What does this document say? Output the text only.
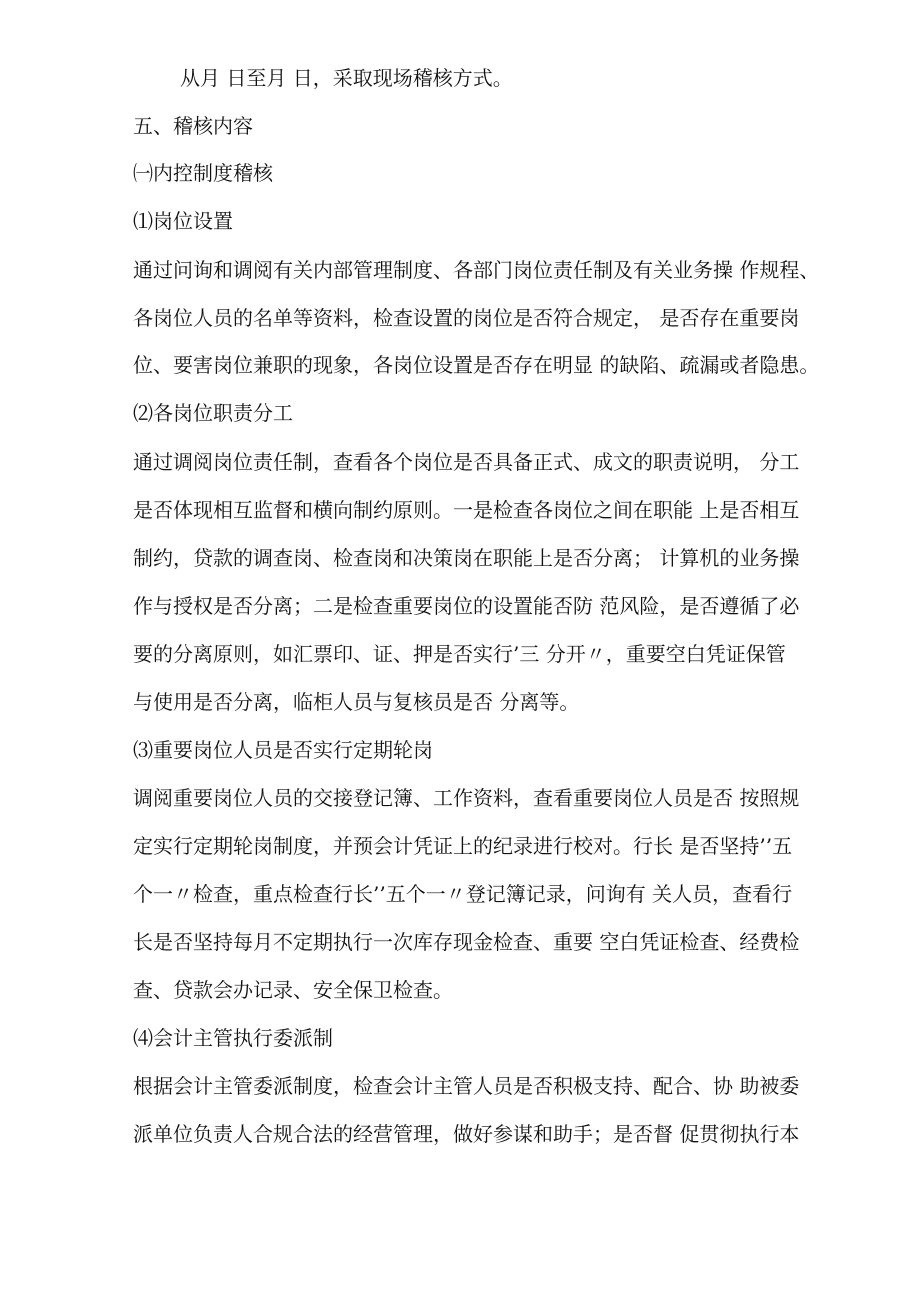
从月 日至月 日，采取现场稽核方式。

五、稽核内容

㈠内控制度稽核

⑴岗位设置

通过问询和调阅有关内部管理制度、各部门岗位责任制及有关业务操 作规程、

各岗位人员的名单等资料，检查设置的岗位是否符合规定， 是否存在重要岗

位、要害岗位兼职的现象，各岗位设置是否存在明显 的缺陷、疏漏或者隐患。

⑵各岗位职责分工

通过调阅岗位责任制，查看各个岗位是否具备正式、成文的职责说明， 分工

是否体现相互监督和横向制约原则。一是检查各岗位之间在职能 上是否相互

制约，贷款的调查岗、检查岗和决策岗在职能上是否分离； 计算机的业务操

作与授权是否分离；二是检查重要岗位的设置能否防 范风险，是否遵循了必

要的分离原则，如汇票印、证、押是否实行’三 分开〃，重要空白凭证保管

与使用是否分离，临柜人员与复核员是否 分离等。

⑶重要岗位人员是否实行定期轮岗

调阅重要岗位人员的交接登记簿、工作资料，查看重要岗位人员是否 按照规

定实行定期轮岗制度，并预会计凭证上的纪录进行校对。行长 是否坚持’’五

个一〃检查，重点检查行长’’五个一〃登记簿记录，问询有 关人员，查看行

长是否坚持每月不定期执行一次库存现金检查、重要 空白凭证检查、经费检

查、贷款会办记录、安全保卫检查。

⑷会计主管执行委派制

根据会计主管委派制度，检查会计主管人员是否积极支持、配合、协 助被委

派单位负责人合规合法的经营管理，做好参谋和助手；是否督 促贯彻执行本
